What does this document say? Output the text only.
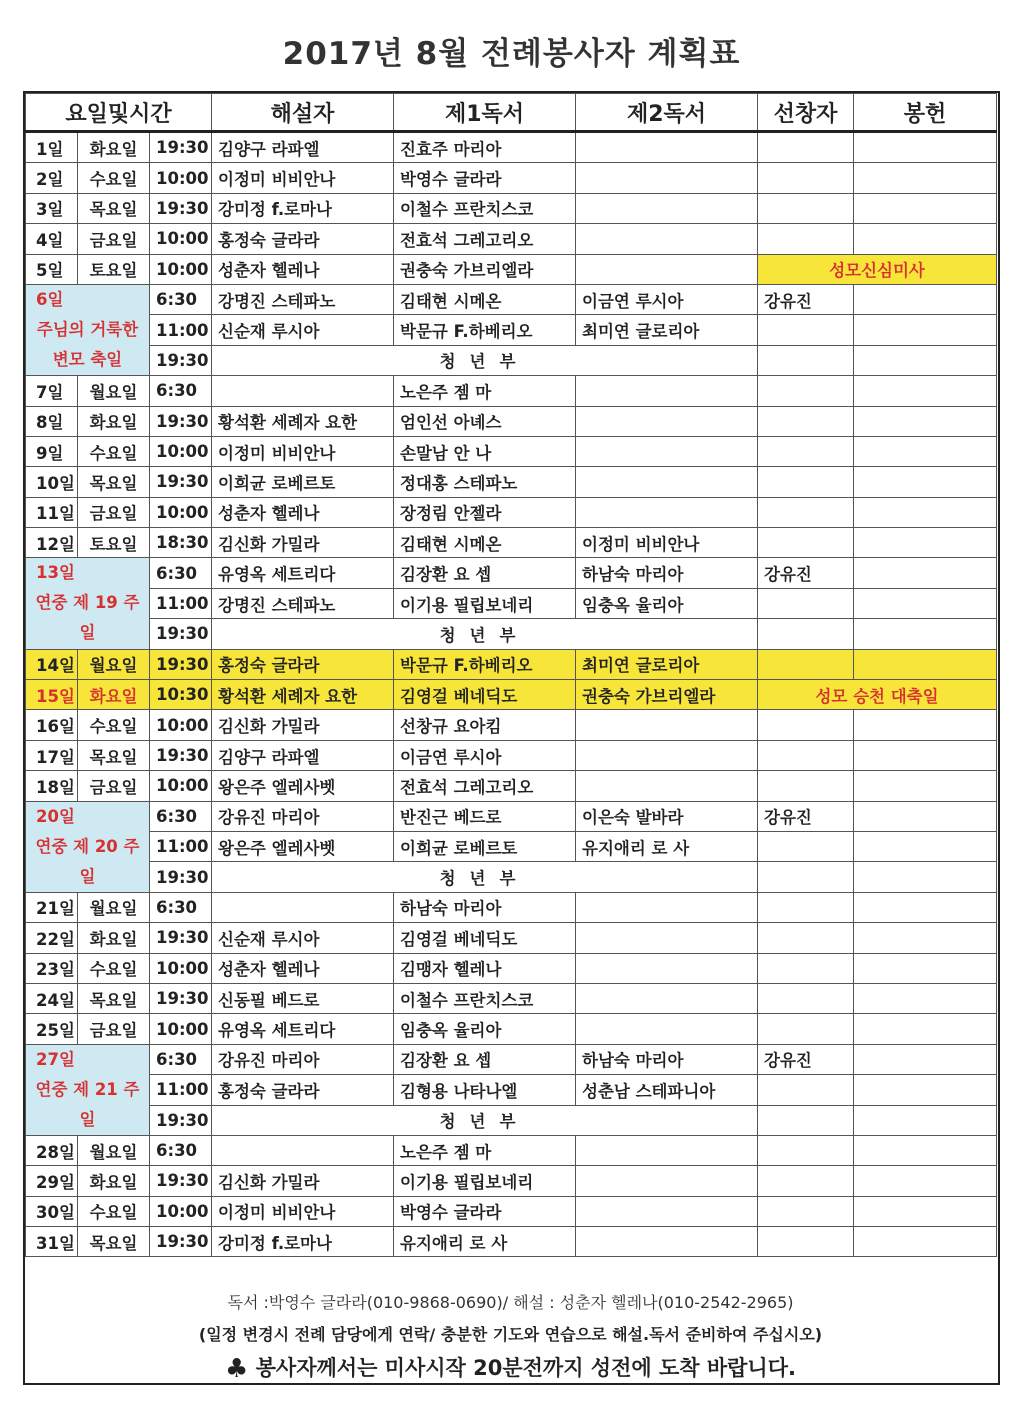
2017년 8월 전례봉사자 계획표
요일및시간			해설자	제1독서	제2독서	선창자	봉헌
1일	화요일	19:30	김양구 라파엘	진효주 마리아			
2일	수요일	10:00	이정미 비비안나	박영수 글라라			
3일	목요일	19:30	강미정 f.로마나	이철수 프란치스코			
4일	금요일	10:00	홍정숙 글라라	전효석 그레고리오			
5일	토요일	10:00	성춘자 헬레나	권충숙 가브리엘라		성모신심미사	

6일
주님의 거룩한 변모 축일		6:30	강명진 스테파노	김태현 시메온	이금연 루시아	강유진	
		11:00	신순재 루시아	박문규 F.하베리오	최미연 글로리아		
		19:30	청년부				
7일	월요일	6:30		노은주 젬 마			
8일	화요일	19:30	황석환 세례자 요한	엄인선 아녜스			
9일	수요일	10:00	이정미 비비안나	손말남 안 나			
10일	목요일	19:30	이희균 로베르토	정대홍 스테파노			
11일	금요일	10:00	성춘자 헬레나	장정림 안젤라			
12일	토요일	18:30	김신화 가밀라	김태현 시메온	이정미 비비안나		

13일
연중 제 19 주일		6:30	유영옥 세트리다	김장환 요 셉	하남숙 마리아	강유진	
		11:00	강명진 스테파노	이기용 필립보네리	임충옥 율리아		
		19:30	청년부				
14일	월요일	19:30	홍정숙 글라라	박문규 F.하베리오	최미연 글로리아		
15일	화요일	10:30	황석환 세례자 요한	김영걸 베네딕도	권충숙 가브리엘라	성모 승천 대축일	
16일	수요일	10:00	김신화 가밀라	선창규 요아킴			
17일	목요일	19:30	김양구 라파엘	이금연 루시아			
18일	금요일	10:00	왕은주 엘레사벳	전효석 그레고리오			

20일
연중 제 20 주일		6:30	강유진 마리아	반진근 베드로	이은숙 발바라	강유진	
		11:00	왕은주 엘레사벳	이희균 로베르토	유지애리 로 사		
		19:30	청년부				
21일	월요일	6:30		하남숙 마리아			
22일	화요일	19:30	신순재 루시아	김영걸 베네딕도			
23일	수요일	10:00	성춘자 헬레나	김맹자 헬레나			
24일	목요일	19:30	신동필 베드로	이철수 프란치스코			
25일	금요일	10:00	유영옥 세트리다	임충옥 율리아			

27일
연중 제 21 주일		6:30	강유진 마리아	김장환 요 셉	하남숙 마리아	강유진	
		11:00	홍정숙 글라라	김형용 나타나엘	성춘남 스테파니아		
		19:30	청년부				
28일	월요일	6:30		노은주 젬 마			
29일	화요일	19:30	김신화 가밀라	이기용 필립보네리			
30일	수요일	10:00	이정미 비비안나	박영수 글라라			
31일	목요일	19:30	강미정 f.로마나	유지애리 로 사			
독서 :박영수 글라라(010-9868-0690)/ 해설 : 성춘자 헬레나(010-2542-2965)
(일정 변경시 전례 담당에게 연락/ 충분한 기도와 연습으로 해설.독서 준비하여 주십시오)
♣ 봉사자께서는 미사시작 20분전까지 성전에 도착 바랍니다.
